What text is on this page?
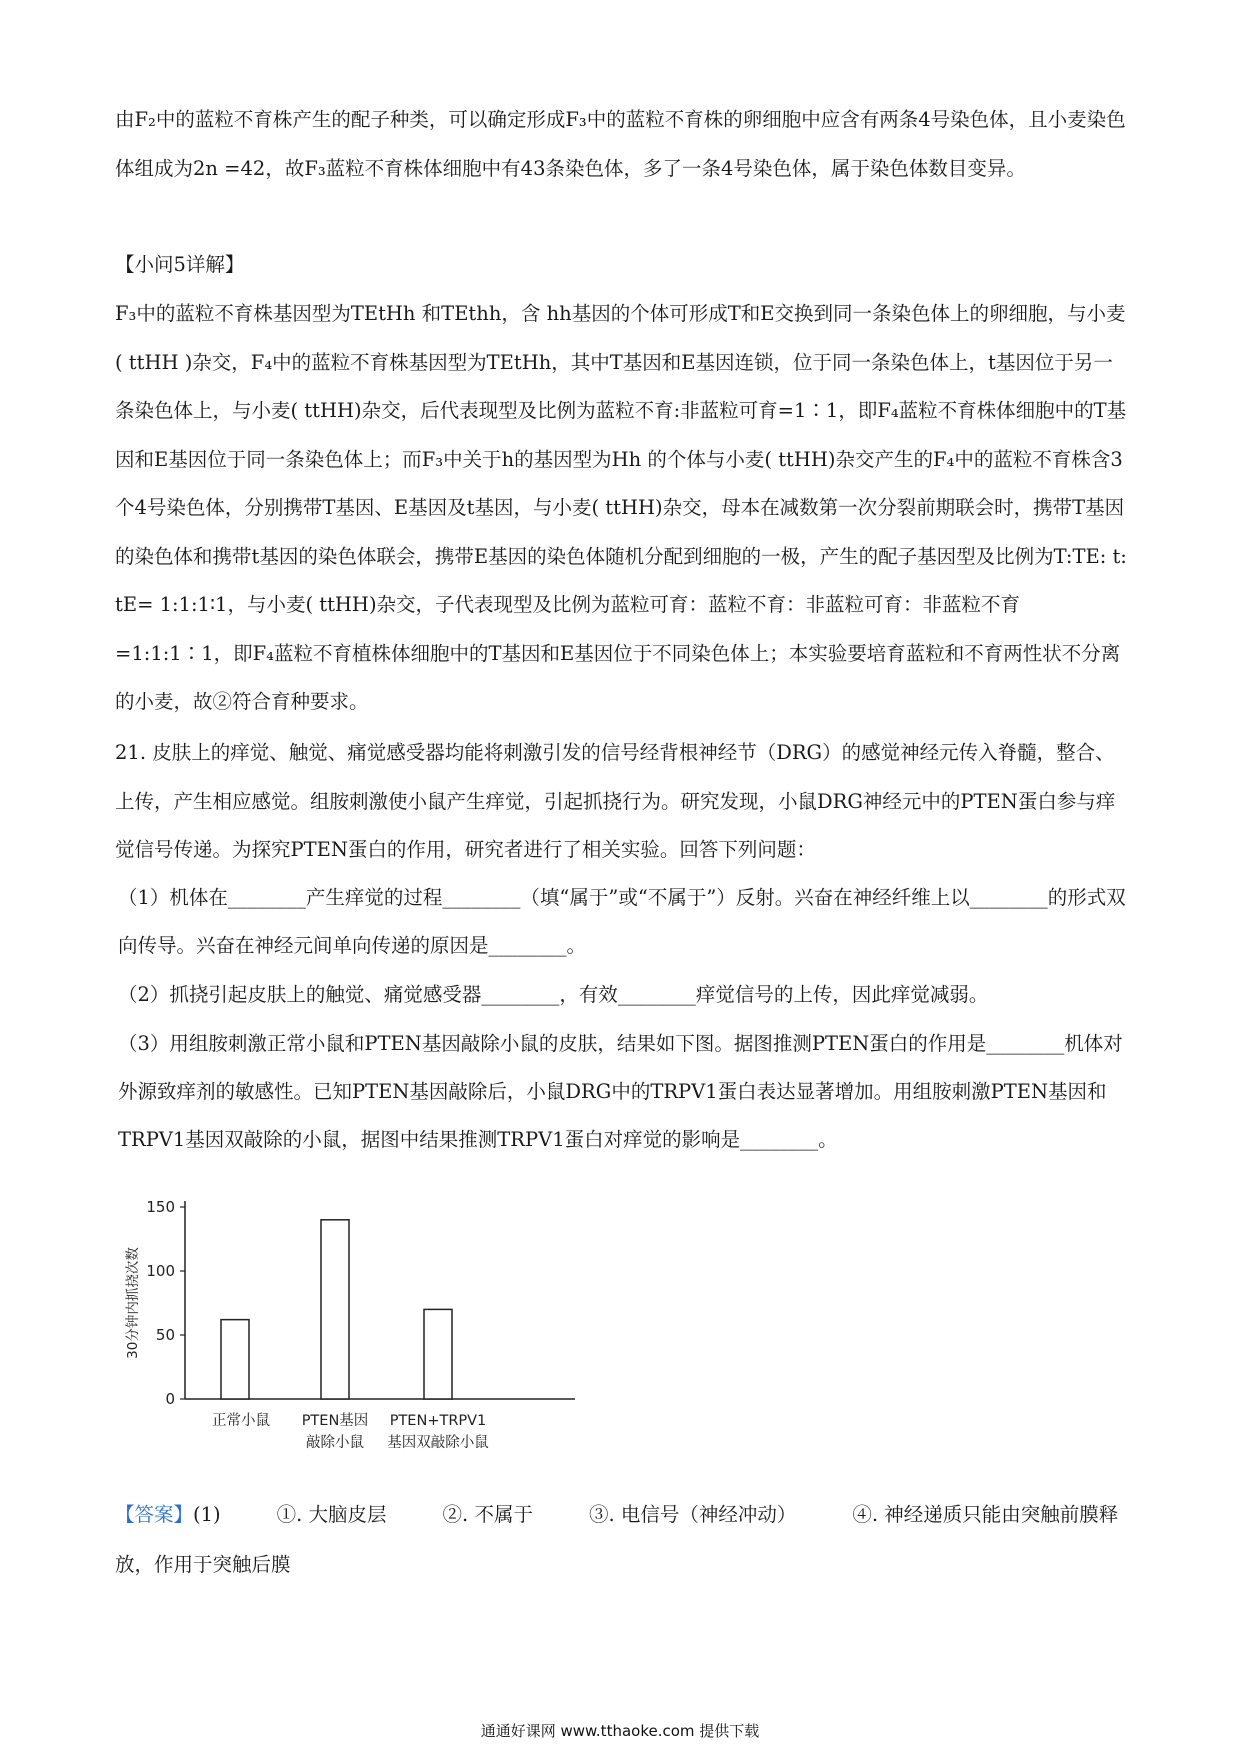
由F₂中的蓝粒不育株产生的配子种类，可以确定形成F₃中的蓝粒不育株的卵细胞中应含有两条4号染色体，且小麦染色体组成为2n =42，故F₃蓝粒不育株体细胞中有43条染色体，多了一条4号染色体，属于染色体数目变异。

【小问5详解】

F₃中的蓝粒不育株基因型为TEtHh 和TEthh，含 hh基因的个体可形成T和E交换到同一条染色体上的卵细胞，与小麦( ttHH )杂交，F₄中的蓝粒不育株基因型为TEtHh，其中T基因和E基因连锁，位于同一条染色体上，t基因位于另一条染色体上，与小麦( ttHH)杂交，后代表现型及比例为蓝粒不育:非蓝粒可育=1∶1，即F₄蓝粒不育株体细胞中的T基因和E基因位于同一条染色体上；而F₃中关于h的基因型为Hh 的个体与小麦( ttHH)杂交产生的F₄中的蓝粒不育株含3个4号染色体，分别携带T基因、E基因及t基因，与小麦( ttHH)杂交，母本在减数第一次分裂前期联会时，携带T基因的染色体和携带t基因的染色体联会，携带E基因的染色体随机分配到细胞的一极，产生的配子基因型及比例为T:TE: t: tE= 1:1:1∶1，与小麦( ttHH)杂交，子代表现型及比例为蓝粒可育：蓝粒不育：非蓝粒可育：非蓝粒不育=1:1:1∶1，即F₄蓝粒不育植株体细胞中的T基因和E基因位于不同染色体上；本实验要培育蓝粒和不育两性状不分离的小麦，故②符合育种要求。

21. 皮肤上的痒觉、触觉、痛觉感受器均能将刺激引发的信号经背根神经节（DRG）的感觉神经元传入脊髓，整合、上传，产生相应感觉。组胺刺激使小鼠产生痒觉，引起抓挠行为。研究发现，小鼠DRG神经元中的PTEN蛋白参与痒觉信号传递。为探究PTEN蛋白的作用，研究者进行了相关实验。回答下列问题：

（1）机体在________产生痒觉的过程________（填“属于”或“不属于”）反射。兴奋在神经纤维上以________的形式双向传导。兴奋在神经元间单向传递的原因是________。

（2）抓挠引起皮肤上的触觉、痛觉感受器________，有效________痒觉信号的上传，因此痒觉减弱。

（3）用组胺刺激正常小鼠和PTEN基因敲除小鼠的皮肤，结果如下图。据图推测PTEN蛋白的作用是________机体对外源致痒剂的敏感性。已知PTEN基因敲除后，小鼠DRG中的TRPV1蛋白表达显著增加。用组胺刺激PTEN基因和TRPV1基因双敲除的小鼠，据图中结果推测TRPV1蛋白对痒觉的影响是________。

0
50
100
150
30分钟内抓挠次数
正常小鼠 PTEN基因
敲除小鼠
PTEN+TRPV1
基因双敲除小鼠

【答案】(1)	①. 大脑皮层	②. 不属于	③. 电信号（神经冲动）	④. 神经递质只能由突触前膜释放，作用于突触后膜

通通好课网 www.tthaoke.com 提供下载
